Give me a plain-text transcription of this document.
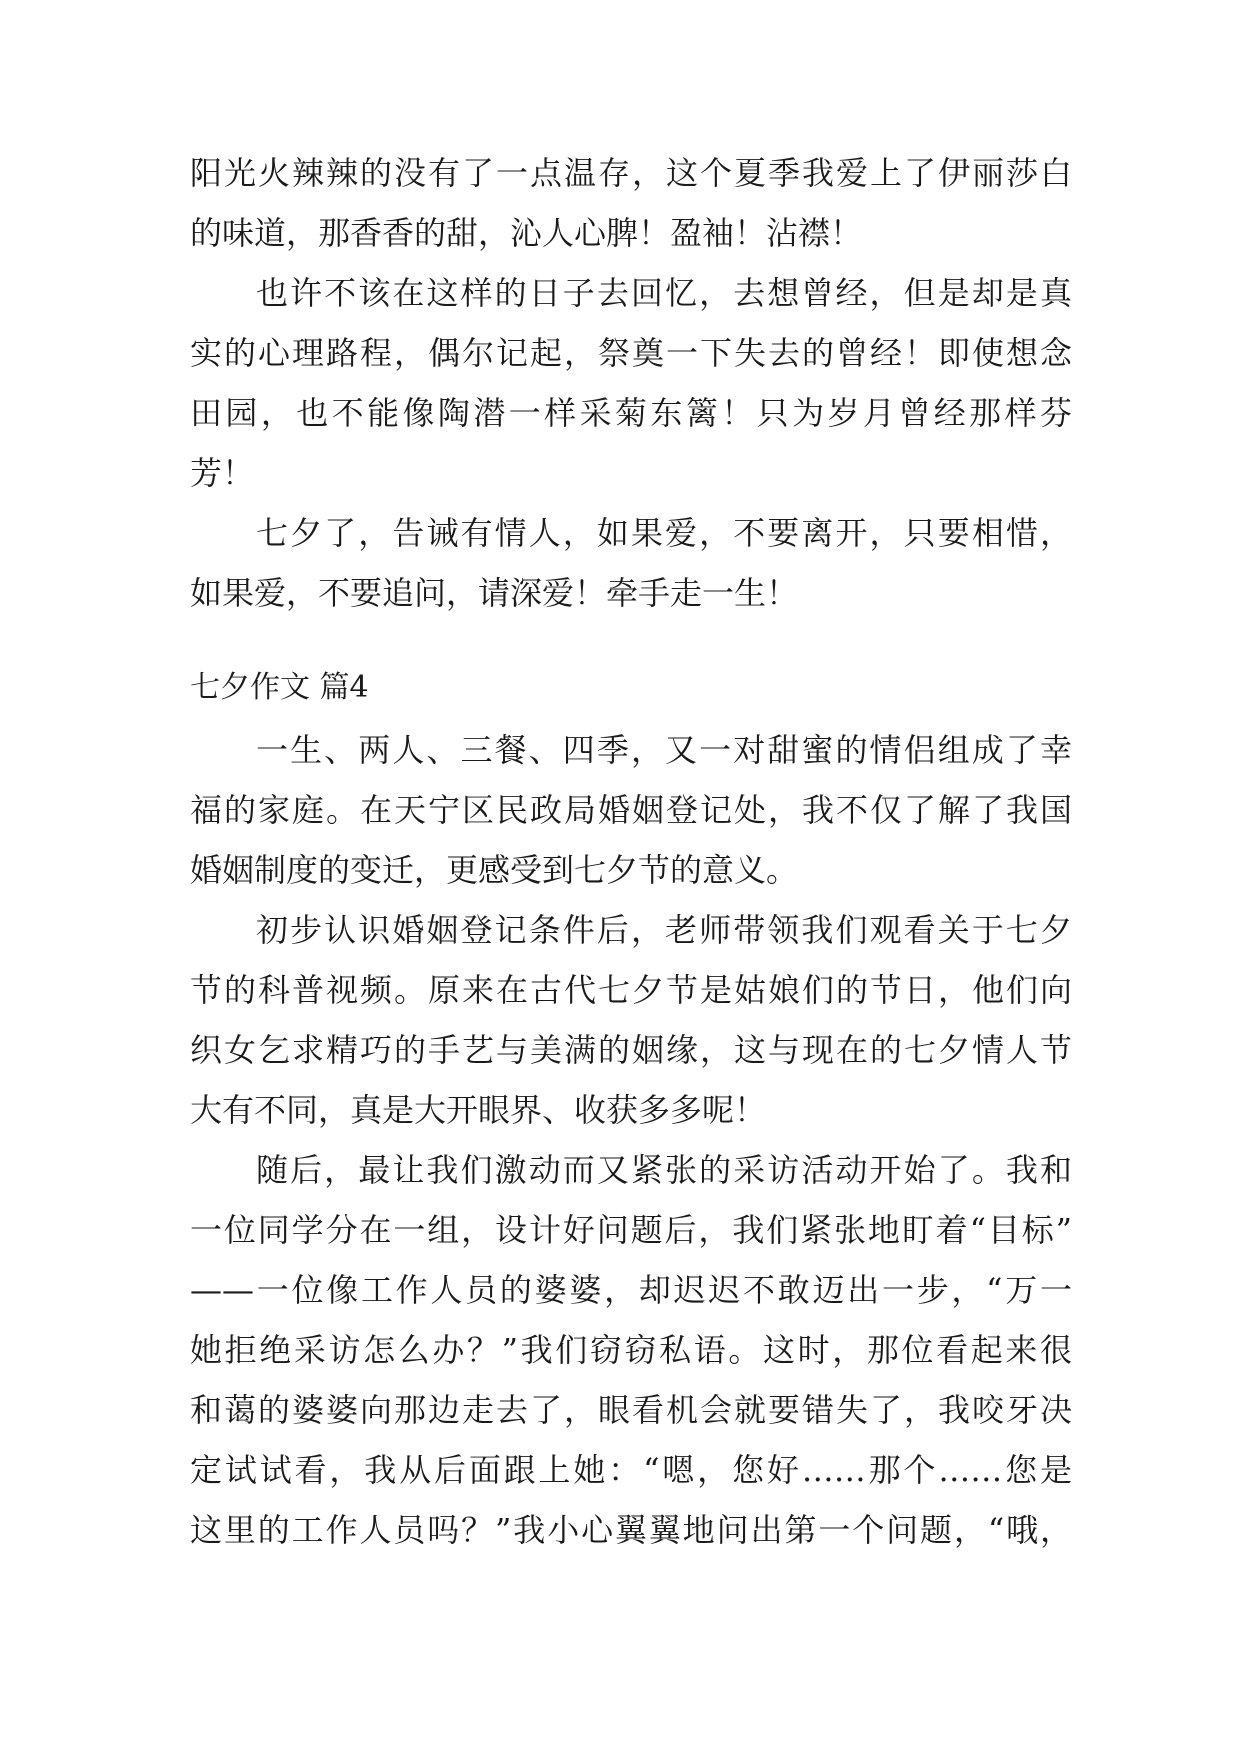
阳光火辣辣的没有了一点温存，这个夏季我爱上了伊丽莎白
的味道，那香香的甜，沁人心脾！盈袖！沾襟！
也许不该在这样的日子去回忆，去想曾经，但是却是真
实的心理路程，偶尔记起，祭奠一下失去的曾经！即使想念
田园，也不能像陶潜一样采菊东篱！只为岁月曾经那样芬
芳！
七夕了，告诫有情人，如果爱，不要离开，只要相惜，
如果爱，不要追问，请深爱！牵手走一生！
七夕作文 篇4
一生、两人、三餐、四季，又一对甜蜜的情侣组成了幸
福的家庭。在天宁区民政局婚姻登记处，我不仅了解了我国
婚姻制度的变迁，更感受到七夕节的意义。
初步认识婚姻登记条件后，老师带领我们观看关于七夕
节的科普视频。原来在古代七夕节是姑娘们的节日，他们向
织女乞求精巧的手艺与美满的姻缘，这与现在的七夕情人节
大有不同，真是大开眼界、收获多多呢！
随后，最让我们激动而又紧张的采访活动开始了。我和
一位同学分在一组，设计好问题后，我们紧张地盯着“目标”
——一位像工作人员的婆婆，却迟迟不敢迈出一步，“万一
她拒绝采访怎么办？”我们窃窃私语。这时，那位看起来很
和蔼的婆婆向那边走去了，眼看机会就要错失了，我咬牙决
定试试看，我从后面跟上她：“嗯，您好……那个……您是
这里的工作人员吗？”我小心翼翼地问出第一个问题，“哦，
